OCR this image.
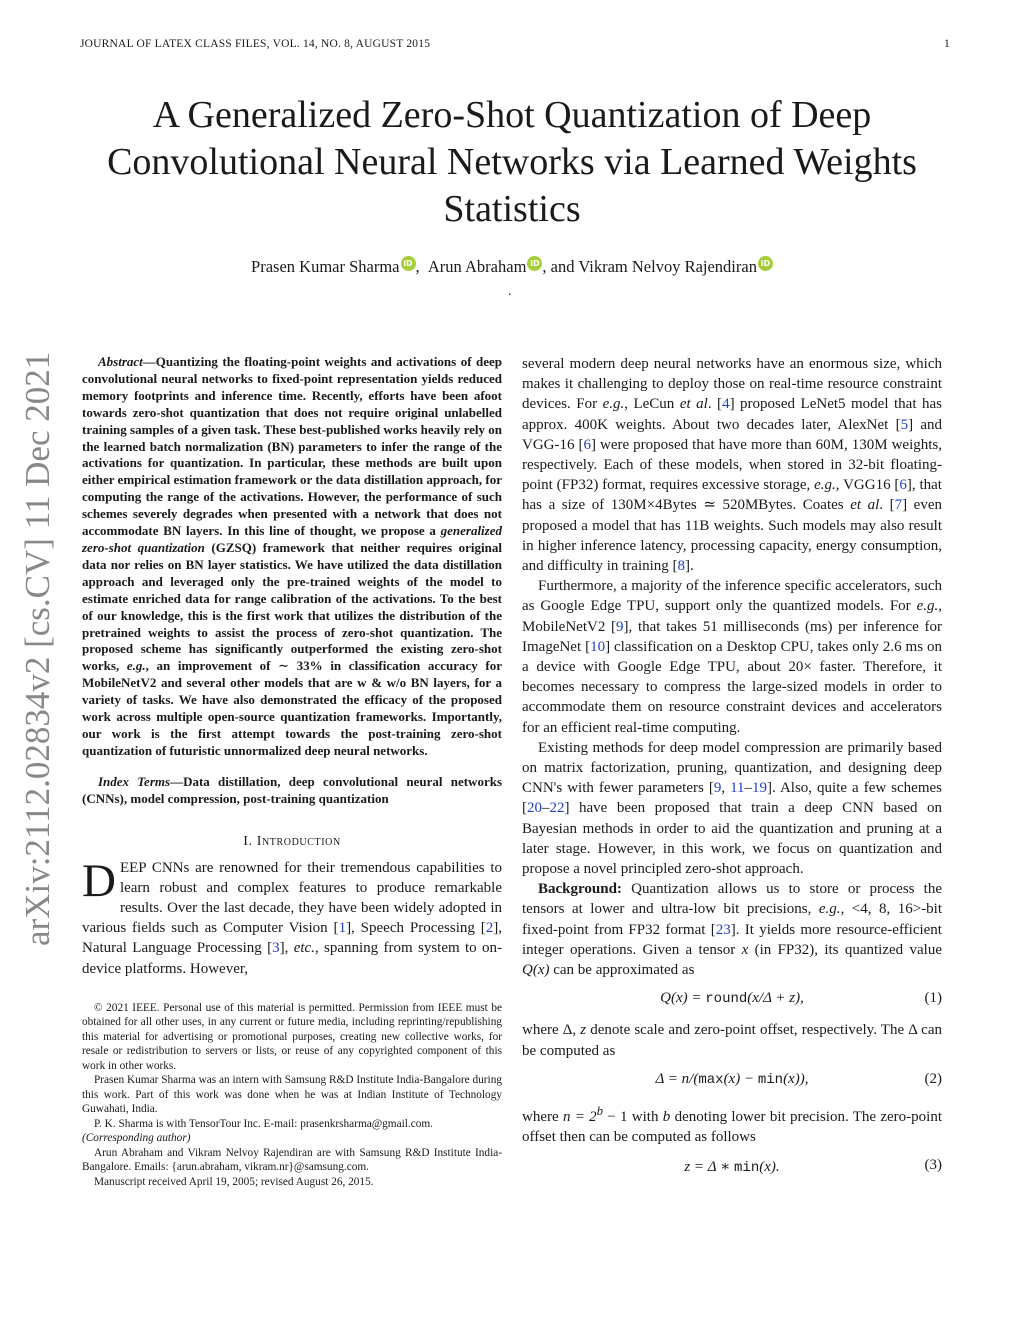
JOURNAL OF LATEX CLASS FILES, VOL. 14, NO. 8, AUGUST 2015	1
A Generalized Zero-Shot Quantization of Deep Convolutional Neural Networks via Learned Weights Statistics
Prasen Kumar Sharma iD , Arun Abraham iD , and Vikram Nelvoy Rajendiran iD
.
arXiv:2112.02834v2 [cs.CV] 11 Dec 2021	Abstract—Quantizing the floating-point weights and activations of deep convolutional neural networks to fixed-point representation yields reduced memory footprints and inference time. Recently, efforts have been afoot towards zero-shot quantization that does not require original unlabelled training samples of a given task. These best-published works heavily rely on the learned batch normalization (BN) parameters to infer the range of the activations for quantization. In particular, these methods are built upon either empirical estimation framework or the data distillation approach, for computing the range of the activations. However, the performance of such schemes severely degrades when presented with a network that does not accommodate BN layers. In this line of thought, we propose a generalized zero-shot quantization (GZSQ) framework that neither requires original data nor relies on BN layer statistics. We have utilized the data distillation approach and leveraged only the pre-trained weights of the model to estimate enriched data for range calibration of the activations. To the best of our knowledge, this is the first work that utilizes the distribution of the pretrained weights to assist the process of zero-shot quantization. The proposed scheme has significantly outperformed the existing zero-shot works, e.g., an improvement of ∼ 33% in classification accuracy for MobileNetV2 and several other models that are w & w/o BN layers, for a variety of tasks. We have also demonstrated the efficacy of the proposed work across multiple open-source quantization frameworks. Importantly, our work is the first attempt towards the post-training zero-shot quantization of futuristic unnormalized deep neural networks.

Index Terms—Data distillation, deep convolutional neural networks (CNNs), model compression, post-training quantization

I. Introduction

DEEP CNNs are renowned for their tremendous capabilities to learn robust and complex features to produce remarkable results. Over the last decade, they have been widely adopted in various fields such as Computer Vision [1], Speech Processing [2], Natural Language Processing [3], etc., spanning from system to on-device platforms. However,

© 2021 IEEE. Personal use of this material is permitted. Permission from IEEE must be obtained for all other uses, in any current or future media, including reprinting/republishing this material for advertising or promotional purposes, creating new collective works, for resale or redistribution to servers or lists, or reuse of any copyrighted component of this work in other works.

Prasen Kumar Sharma was an intern with Samsung R&D Institute India-Bangalore during this work. Part of this work was done when he was at Indian Institute of Technology Guwahati, India.

P. K. Sharma is with TensorTour Inc. E-mail: prasenkrsharma@gmail.com.
(Corresponding author)

Arun Abraham and Vikram Nelvoy Rajendiran are with Samsung R&D Institute India- Bangalore. Emails: {arun.abraham, vikram.nr}@samsung.com.

Manuscript received April 19, 2005; revised August 26, 2015.

several modern deep neural networks have an enormous size, which makes it challenging to deploy those on real-time resource constraint devices. For e.g., LeCun et al. [4] proposed LeNet5 model that has approx. 400K weights. About two decades later, AlexNet [5] and VGG-16 [6] were proposed that have more than 60M, 130M weights, respectively. Each of these models, when stored in 32-bit floating-point (FP32) format, requires excessive storage, e.g., VGG16 [6], that has a size of 130M×4Bytes ≃ 520MBytes. Coates et al. [7] even proposed a model that has 11B weights. Such models may also result in higher inference latency, processing capacity, energy consumption, and difficulty in training [8].

Furthermore, a majority of the inference specific accelerators, such as Google Edge TPU, support only the quantized models. For e.g., MobileNetV2 [9], that takes 51 milliseconds (ms) per inference for ImageNet [10] classification on a Desktop CPU, takes only 2.6 ms on a device with Google Edge TPU, about 20× faster. Therefore, it becomes necessary to compress the large-sized models in order to accommodate them on resource constraint devices and accelerators for an efficient real-time computing.

Existing methods for deep model compression are primarily based on matrix factorization, pruning, quantization, and designing deep CNN's with fewer parameters [9, 11–19]. Also, quite a few schemes [20–22] have been proposed that train a deep CNN based on Bayesian methods in order to aid the quantization and pruning at a later stage. However, in this work, we focus on quantization and propose a novel principled zero-shot approach.

Background: Quantization allows us to store or process the tensors at lower and ultra-low bit precisions, e.g., <4, 8, 16>-bit fixed-point from FP32 format [23]. It yields more resource-efficient integer operations. Given a tensor x (in FP32), its quantized value Q(x) can be approximated as

Q(x) = round(x/Δ + z),	(1)

where Δ, z denote scale and zero-point offset, respectively. The Δ can be computed as

Δ = n/(max(x) − min(x)),	(2)

where $n = 2^b - 1$ with b denoting lower bit precision. The zero-point offset then can be computed as follows

z = Δ ∗ min(x).	(3)
